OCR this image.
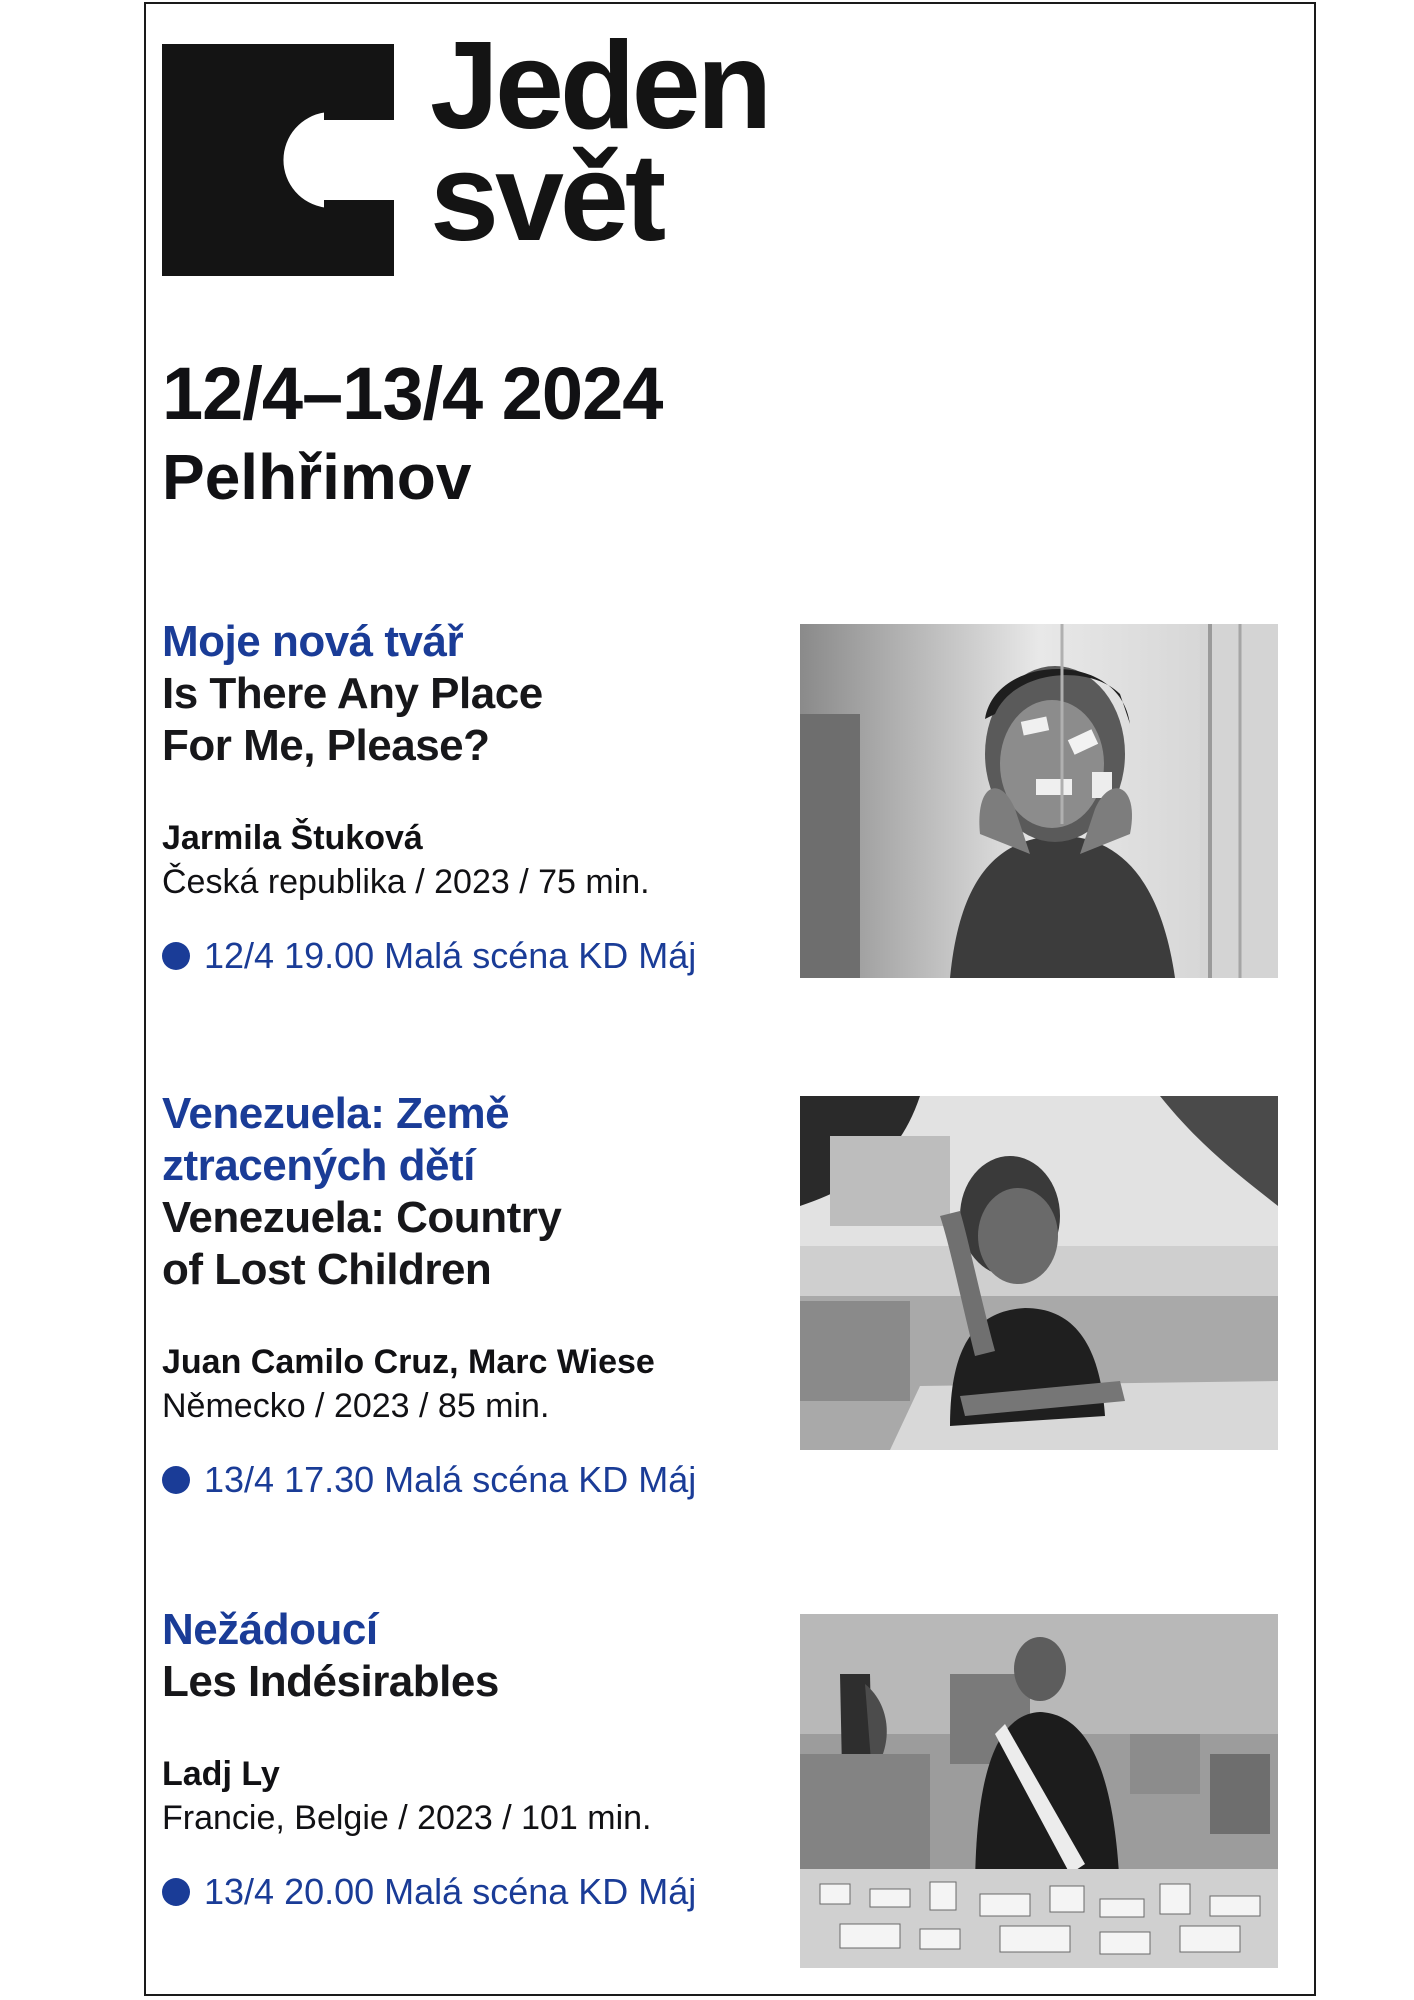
Jeden
svět
12/4–13/4 2024
Pelhřimov
Moje nová tvář
Is There Any Place
For Me, Please?
Jarmila Štuková
Česká republika / 2023 / 75 min.
12/4 19.00 Malá scéna KD Máj
Venezuela: Země
ztracených dětí
Venezuela: Country
of Lost Children
Juan Camilo Cruz, Marc Wiese
Německo / 2023 / 85 min.
13/4 17.30 Malá scéna KD Máj
Nežádoucí
Les Indésirables
Ladj Ly
Francie, Belgie / 2023 / 101 min.
13/4 20.00 Malá scéna KD Máj
